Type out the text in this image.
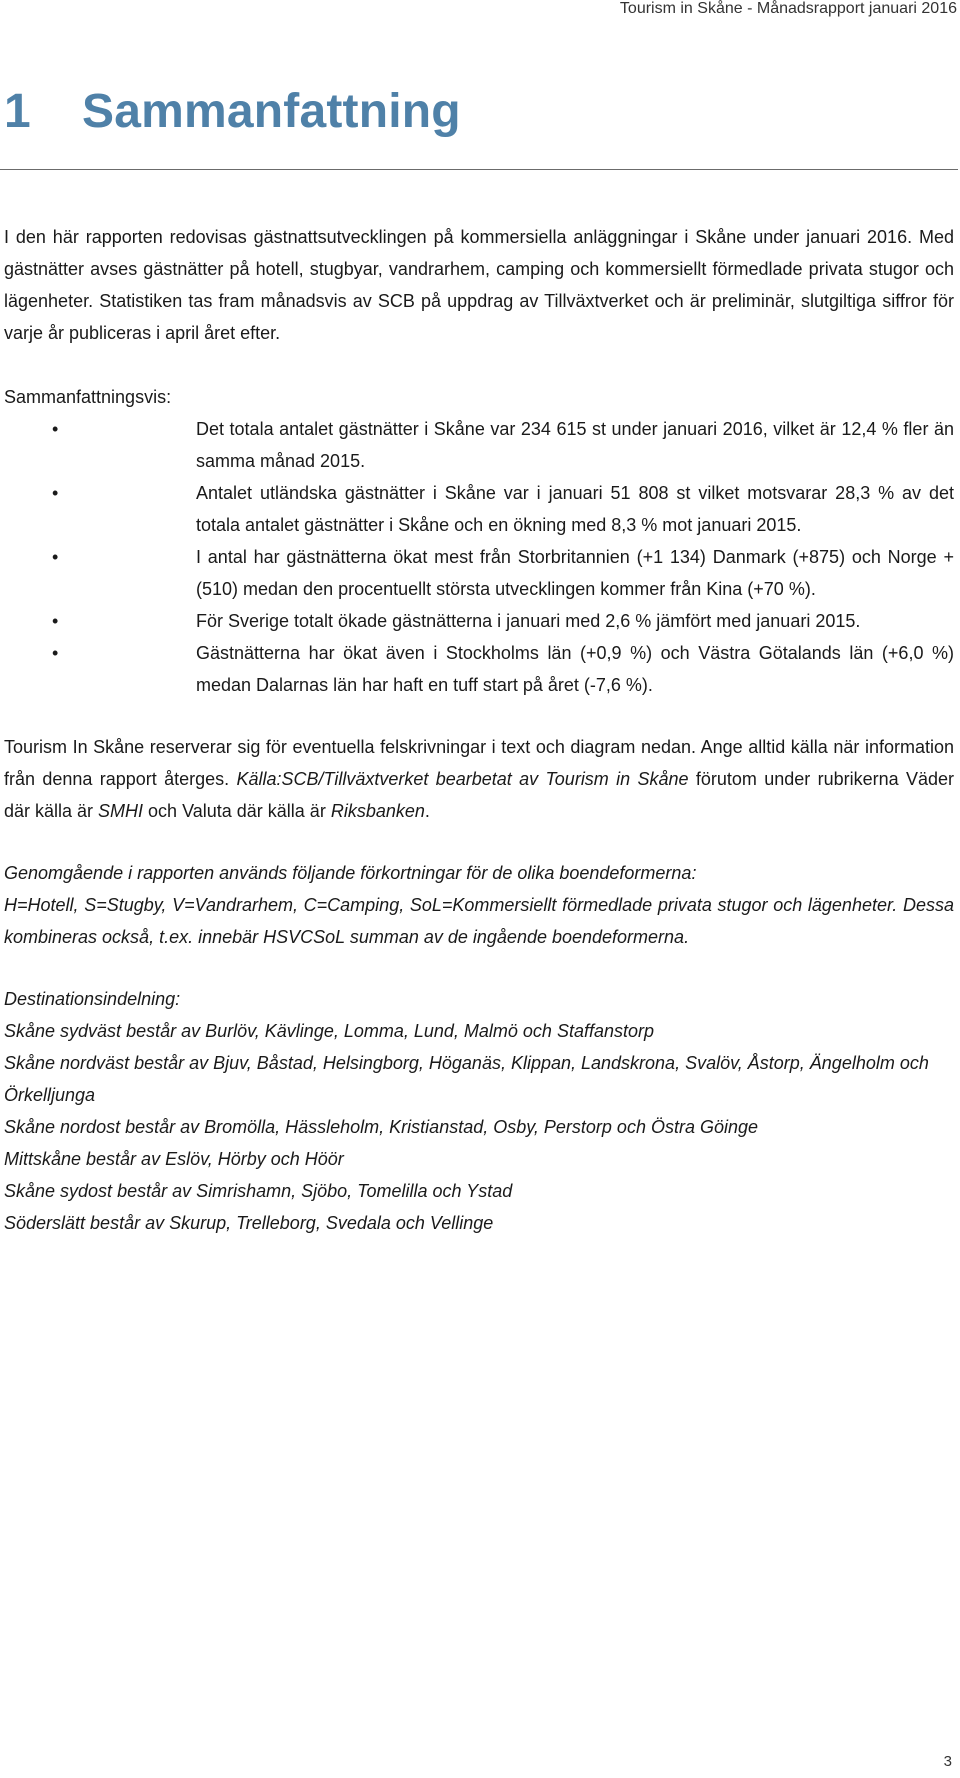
Tourism in Skåne - Månadsrapport januari 2016
1 Sammanfattning

I den här rapporten redovisas gästnattsutvecklingen på kommersiella anläggningar i Skåne under januari 2016. Med gästnätter avses gästnätter på hotell, stugbyar, vandrarhem, camping och kommersiellt förmedlade privata stugor och lägenheter. Statistiken tas fram månadsvis av SCB på uppdrag av Tillväxtverket och är preliminär, slutgiltiga siffror för varje år publiceras i april året efter.

Sammanfattningsvis:

•	Det totala antalet gästnätter i Skåne var 234 615 st under januari 2016, vilket är 12,4 % fler än samma månad 2015.
•	Antalet utländska gästnätter i Skåne var i januari 51 808 st vilket motsvarar 28,3 % av det totala antalet gästnätter i Skåne och en ökning med 8,3 % mot januari 2015.
•	I antal har gästnätterna ökat mest från Storbritannien (+1 134) Danmark (+875) och Norge +(510) medan den procentuellt största utvecklingen kommer från Kina (+70 %).
•	För Sverige totalt ökade gästnätterna i januari med 2,6 % jämfört med januari 2015.
•	Gästnätterna har ökat även i Stockholms län (+0,9 %) och Västra Götalands län (+6,0 %) medan Dalarnas län har haft en tuff start på året (-7,6 %).

Tourism In Skåne reserverar sig för eventuella felskrivningar i text och diagram nedan. Ange alltid källa när information från denna rapport återges. Källa:SCB/Tillväxtverket bearbetat av Tourism in Skåne förutom under rubrikerna Väder där källa är SMHI och Valuta där källa är Riksbanken.

Genomgående i rapporten används följande förkortningar för de olika boendeformerna:

H=Hotell, S=Stugby, V=Vandrarhem, C=Camping, SoL=Kommersiellt förmedlade privata stugor och lägenheter. Dessa kombineras också, t.ex. innebär HSVCSoL summan av de ingående boendeformerna.

Destinationsindelning:

Skåne sydväst består av Burlöv, Kävlinge, Lomma, Lund, Malmö och Staffanstorp

Skåne nordväst består av Bjuv, Båstad, Helsingborg, Höganäs, Klippan, Landskrona, Svalöv, Åstorp, Ängelholm och Örkelljunga

Skåne nordost består av Bromölla, Hässleholm, Kristianstad, Osby, Perstorp och Östra Göinge

Mittskåne består av Eslöv, Hörby och Höör

Skåne sydost består av Simrishamn, Sjöbo, Tomelilla och Ystad

Söderslätt består av Skurup, Trelleborg, Svedala och Vellinge

3
